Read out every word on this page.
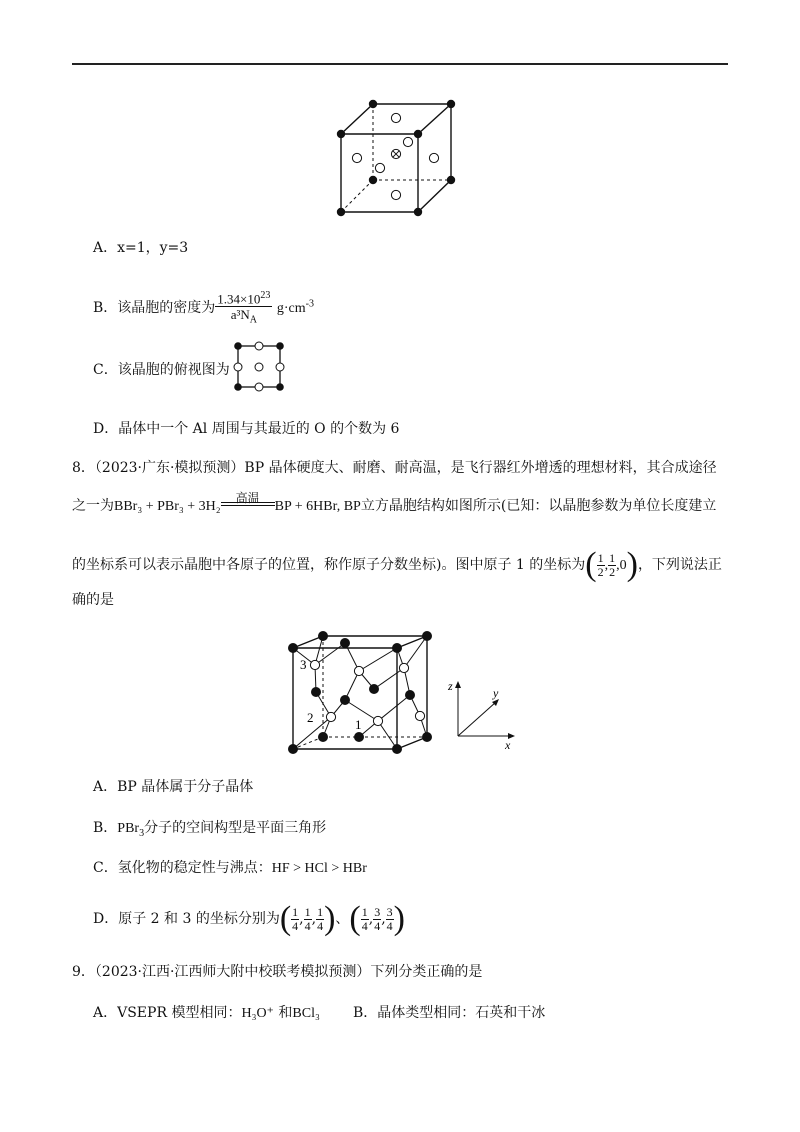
A．x=1，y=3
B．该晶胞的密度为 $\frac{1.34\times 10^{23}}{a^3N_A} g\cdot cm^{-3}$
C．该晶胞的俯视图为
D．晶体中一个 Al 周围与其最近的 O 的个数为 6
8．（2023·广东·模拟预测）BP 晶体硬度大、耐磨、耐高温，是飞行器红外增透的理想材料，其合成途径
之一为BBr₃ + PBr₃ + 3H₂
高温
BP + 6HBr, BP立方晶胞结构如图所示(已知：以晶胞参数为单位长度建立
的坐标系可以表示晶胞中各原子的位置，称作原子分数坐标)。图中原子 1 的坐标为( $\frac{1}{2}$ , $\frac{1}{2} ,0$)，下列说法正
确的是
3
2	1
x
z	y
A．BP 晶体属于分子晶体
B．PBr$_3$分子的空间构型是平面三角形
C．氢化物的稳定性与沸点：HF > HCl > HBr
D．原子 2 和 3 的坐标分别为( $\frac{1}{4}$ , $\frac{1}{4}$ , $\frac{1}{4}$ )、( $\frac{1}{4}$ , $\frac{3}{4}$ , $\frac{3}{4}$ )
9．（2023·江西·江西师大附中校联考模拟预测）下列分类正确的是
A．VSEPR 模型相同：H₃O⁺ 和BCl₃ B．晶体类型相同：石英和干冰
